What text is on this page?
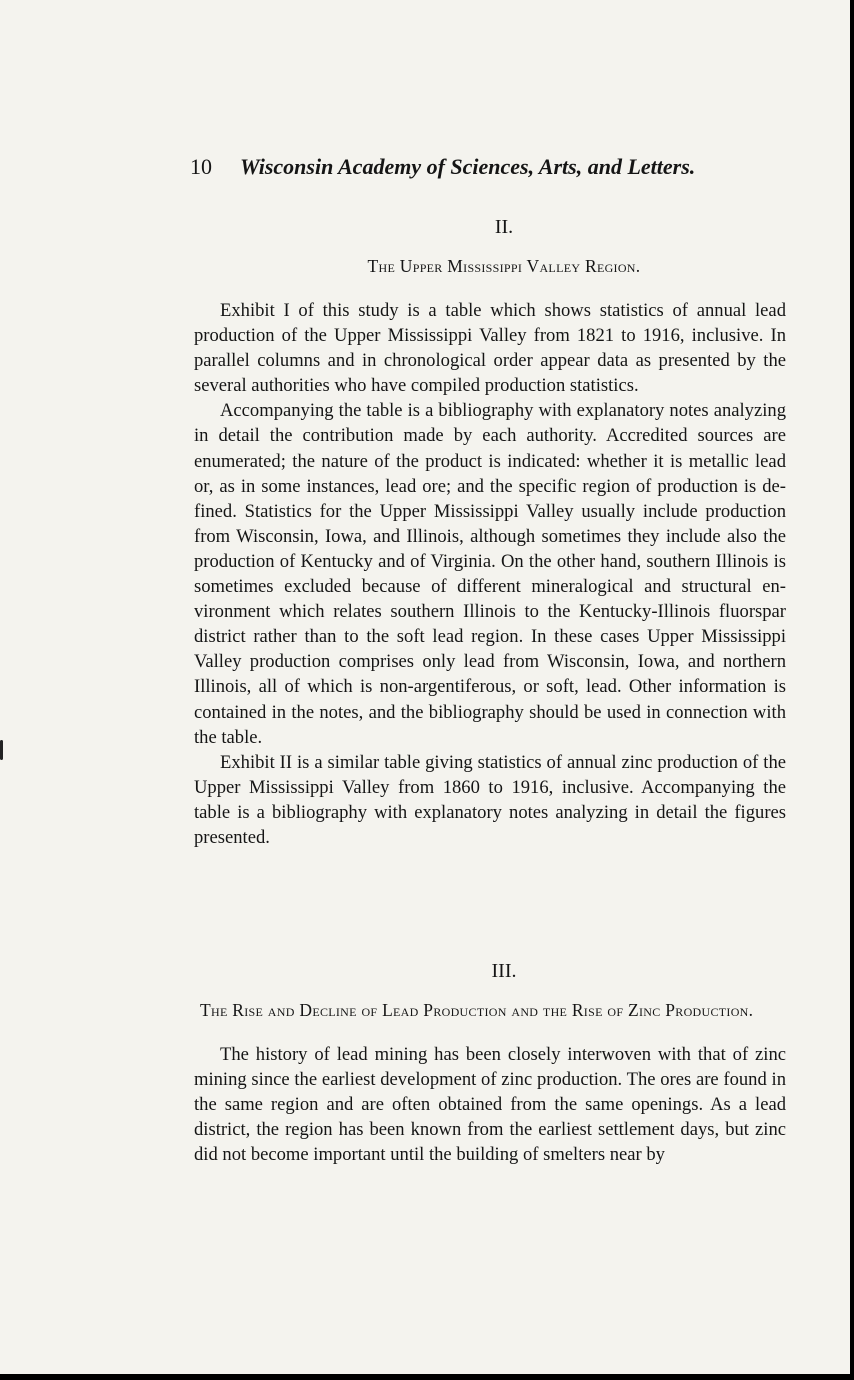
10 Wisconsin Academy of Sciences, Arts, and Letters.
II.
The Upper Mississippi Valley Region.

Exhibit I of this study is a table which shows statistics of annual lead production of the Upper Mississippi Valley from 1821 to 1916, inclusive. In parallel columns and in chronological order appear data as presented by the several authorities who have compiled production statistics.

Accompanying the table is a bibliography with explanatory notes analyzing in detail the contribution made by each authority. Accredited sources are enumerated; the nature of the product is indicated: whether it is metallic lead or, as in some instances, lead ore; and the specific region of production is defined. Statistics for the Upper Mississippi Valley usually include production from Wisconsin, Iowa, and Illinois, although sometimes they include also the production of Kentucky and of Virginia. On the other hand, southern Illinois is sometimes excluded because of different mineralogical and structural environment which relates southern Illinois to the Kentucky-Illinois fluorspar district rather than to the soft lead region. In these cases Upper Mississippi Valley production comprises only lead from Wisconsin, Iowa, and northern Illinois, all of which is non-argentiferous, or soft, lead. Other information is contained in the notes, and the bibliography should be used in connection with the table.

Exhibit II is a similar table giving statistics of annual zinc production of the Upper Mississippi Valley from 1860 to 1916, inclusive. Accompanying the table is a bibliography with explanatory notes analyzing in detail the figures presented.

III.
The Rise and Decline of Lead Production and the Rise of Zinc Production.

The history of lead mining has been closely interwoven with that of zinc mining since the earliest development of zinc production. The ores are found in the same region and are often obtained from the same openings. As a lead district, the region has been known from the earliest settlement days, but zinc did not become important until the building of smelters near by
